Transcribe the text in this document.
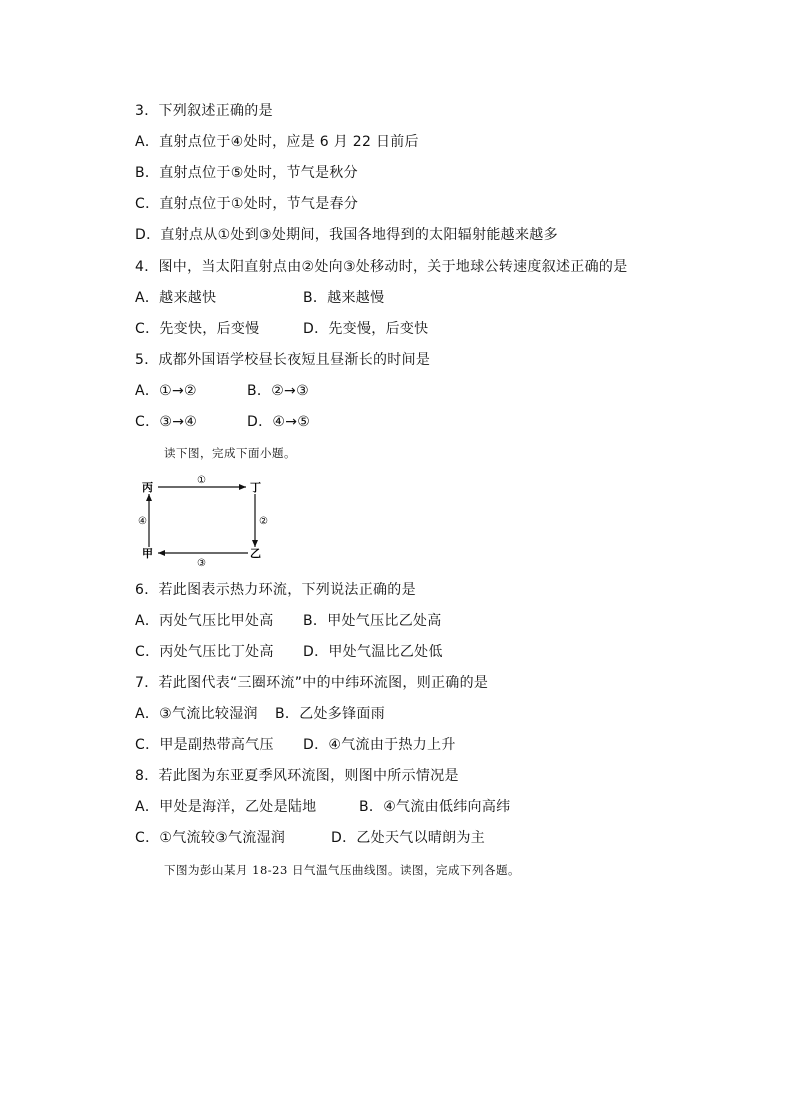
3．下列叙述正确的是
A．直射点位于④处时，应是 6 月 22 日前后
B．直射点位于⑤处时，节气是秋分
C．直射点位于①处时，节气是春分
D．直射点从①处到③处期间，我国各地得到的太阳辐射能越来越多
4．图中，当太阳直射点由②处向③处移动时，关于地球公转速度叙述正确的是
A．越来越快	B．越来越慢
C．先变快，后变慢	D．先变慢，后变快
5．成都外国语学校昼长夜短且昼渐长的时间是
A．①→②	B．②→③
C．③→④	D．④→⑤
读下图，完成下面小题。
丙	丁
甲	乙
①
②
③
④
6．若此图表示热力环流，下列说法正确的是
A．丙处气压比甲处高 B．甲处气压比乙处高
C．丙处气压比丁处高 D．甲处气温比乙处低
7．若此图代表“三圈环流”中的中纬环流图，则正确的是
A．③气流比较湿润 B．乙处多锋面雨
C．甲是副热带高气压 D．④气流由于热力上升
8．若此图为东亚夏季风环流图，则图中所示情况是
A．甲处是海洋，乙处是陆地	B．④气流由低纬向高纬
C．①气流较③气流湿润	D．乙处天气以晴朗为主
下图为彭山某月 18-23 日气温气压曲线图。读图，完成下列各题。
